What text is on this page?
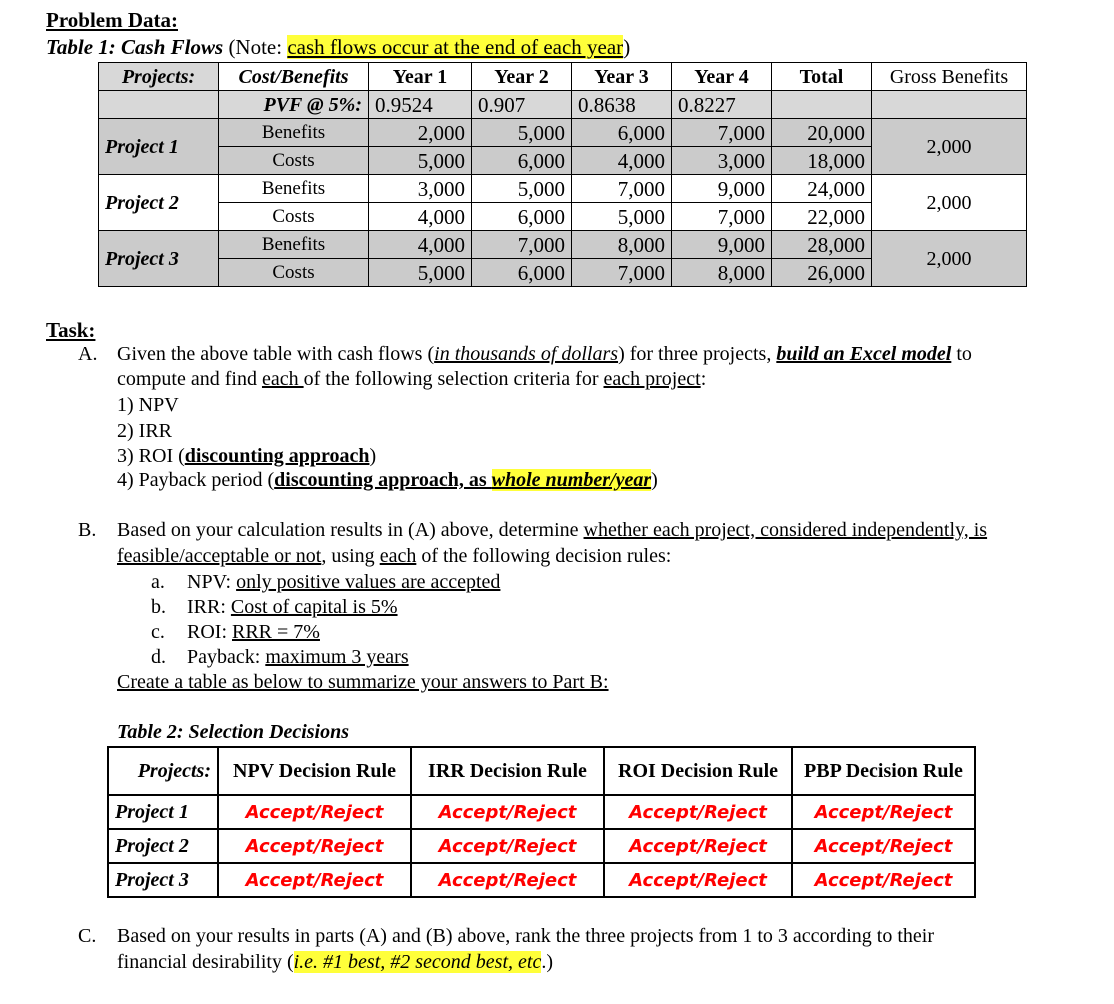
Problem Data:
Table 1: Cash Flows (Note: cash flows occur at the end of each year)
Projects:	Cost/Benefits	Year 1	Year 2	Year 3	Year 4	Total	Gross Benefits
	PVF @ 5%:	0.9524	0.907	0.8638	0.8227		
Project 1	Benefits	2,000	5,000	6,000	7,000	20,000	2,000
	Costs	5,000	6,000	4,000	3,000	18,000	
Project 2	Benefits	3,000	5,000	7,000	9,000	24,000	2,000
	Costs	4,000	6,000	5,000	7,000	22,000	
Project 3	Benefits	4,000	7,000	8,000	9,000	28,000	2,000
	Costs	5,000	6,000	7,000	8,000	26,000	
Task:
A. Given the above table with cash flows (in thousands of dollars) for three projects, build an Excel model to
compute and find each of the following selection criteria for each project:
1) NPV
2) IRR
3) ROI (discounting approach)
4) Payback period (discounting approach, as whole number/year)
B. Based on your calculation results in (A) above, determine whether each project, considered independently, is
feasible/acceptable or not, using each of the following decision rules:
a. NPV: only positive values are accepted
b. IRR: Cost of capital is 5%
c. ROI: RRR = 7%
d. Payback: maximum 3 years
Create a table as below to summarize your answers to Part B:
Table 2: Selection Decisions
Projects:	NPV Decision Rule	IRR Decision Rule	ROI Decision Rule	PBP Decision Rule
Project 1	Accept/Reject	Accept/Reject	Accept/Reject	Accept/Reject
Project 2	Accept/Reject	Accept/Reject	Accept/Reject	Accept/Reject
Project 3	Accept/Reject	Accept/Reject	Accept/Reject	Accept/Reject
C. Based on your results in parts (A) and (B) above, rank the three projects from 1 to 3 according to their
financial desirability (i.e. #1 best, #2 second best, etc.)
